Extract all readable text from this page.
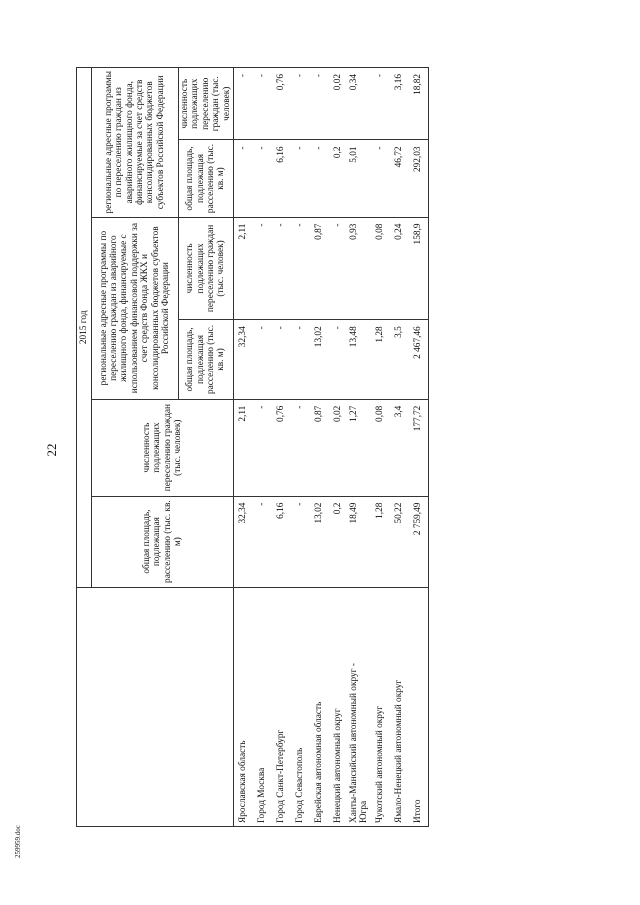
22
259959.doc
	2015 год					
	общая площадь, подлежащая расселению (тыс. кв. м)	численность подлежащих переселению граждан (тыс. человек)	региональные адресные программы по переселению граждан из аварийного жилищного фонда, финансируемые с использованием финансовой поддержки за счет средств Фонда ЖКХ и консолидированных бюджетов субъектов Российской Федерации		региональные адресные программы по переселению граждан из аварийного жилищного фонда, финансируемые за счет средств консолидированных бюджетов субъектов Российской Федерации	
			общая площадь, подлежащая расселению (тыс. кв. м)	численность подлежащих переселению граждан (тыс. человек)	общая площадь, подлежащая расселению (тыс. кв. м)	численность подлежащих переселению граждан (тыс. человек)
Ярославская область	32,34	2,11	32,34	2,11	-	-
Город Москва	-	-	-	-	-	-
Город Санкт-Петербург	6,16	0,76	-	-	6,16	0,76
Город Севастополь	-	-	-	-	-	-
Еврейская автономная область	13,02	0,87	13,02	0,87	-	-
Ненецкий автономный округ	0,2	0,02	-	-	0,2	0,02
Ханты-Мансийский автономный округ -
Югра	18,49	1,27	13,48	0,93	5,01	0,34
Чукотский автономный округ	1,28	0,08	1,28	0,08	-	-
Ямало-Ненецкий автономный округ	50,22	3,4	3,5	0,24	46,72	3,16
Итого	2 759,49	177,72	2 467,46	158,9	292,03	18,82
